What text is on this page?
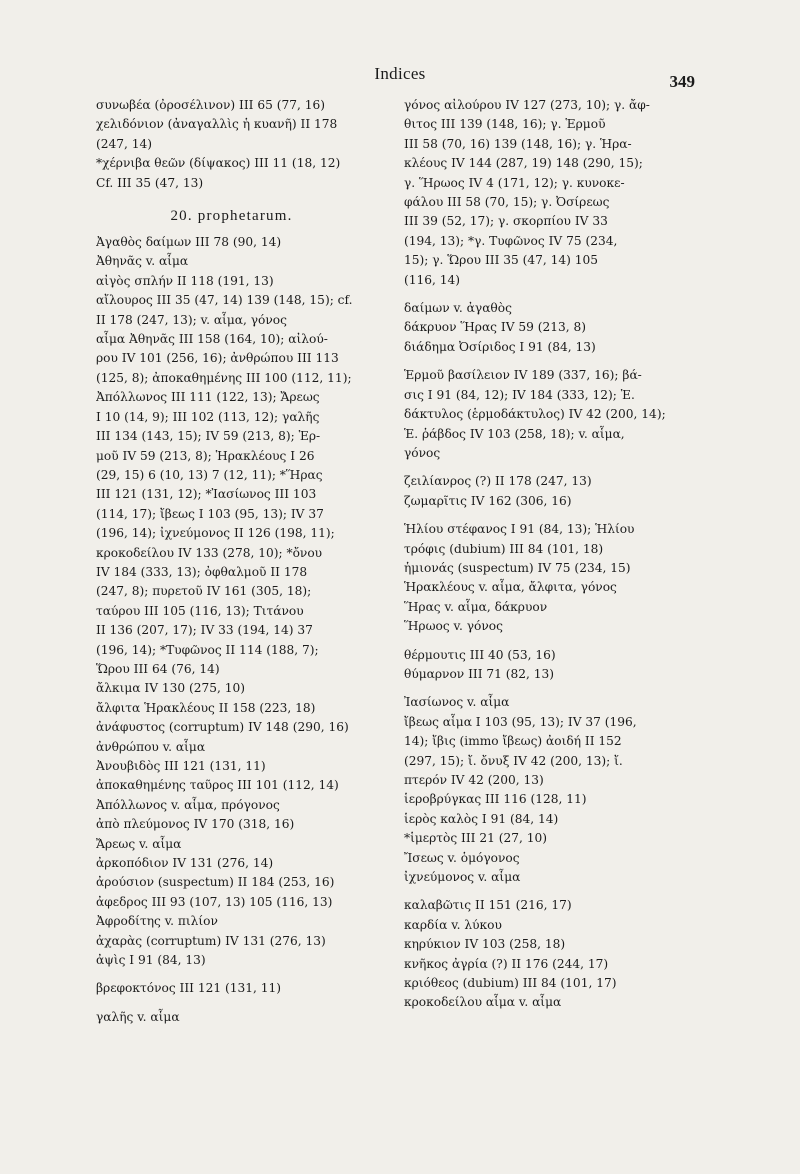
Indices	349
συνωβέα (ὀροσέλινον) III 65 (77, 16)
χελιδόνιον (ἀναγαλλὶς ἡ κυανῆ) II 178
(247, 14)
*χέρνιβα θεῶν (δίψακος) III 11 (18, 12)
Cf. III 35 (47, 13)
20. prophetarum.
Ἀγαθὸς δαίμων III 78 (90, 14)
Ἀθηνᾶς v. αἷμα
αἰγὸς σπλήν II 118 (191, 13)
αἴλουρος III 35 (47, 14) 139 (148, 15); cf.
II 178 (247, 13); v. αἷμα, γόνος
αἷμα Ἀθηνᾶς III 158 (164, 10); αἰλού-
ρου IV 101 (256, 16); ἀνθρώπου III 113
(125, 8); ἀποκαθημένης III 100 (112, 11);
Ἀπόλλωνος III 111 (122, 13); Ἄρεως
I 10 (14, 9); III 102 (113, 12); γαλῆς
III 134 (143, 15); IV 59 (213, 8); Ἑρ-
μοῦ IV 59 (213, 8); Ἡρακλέους I 26
(29, 15) 6 (10, 13) 7 (12, 11); *Ἥρας
III 121 (131, 12); *Ἰασίωνος III 103
(114, 17); ἴβεως I 103 (95, 13); IV 37
(196, 14); ἰχνεύμονος II 126 (198, 11);
κροκοδείλου IV 133 (278, 10); *ὄνου
IV 184 (333, 13); ὀφθαλμοῦ II 178
(247, 8); πυρετοῦ IV 161 (305, 18);
ταύρου III 105 (116, 13); Τιτάνου
II 136 (207, 17); IV 33 (194, 14) 37
(196, 14); *Τυφῶνος II 114 (188, 7);
Ὥρου III 64 (76, 14)
ἄλκιμα IV 130 (275, 10)
ἄλφιτα Ἡρακλέους II 158 (223, 18)
ἀνάφυστος (corruptum) IV 148 (290, 16)
ἀνθρώπου v. αἷμα
Ἀνουβιδὸς III 121 (131, 11)
ἀποκαθημένης ταῦρος III 101 (112, 14)
Ἀπόλλωνος v. αἷμα, πρόγονος
ἀπὸ πλεύμονος IV 170 (318, 16)
Ἄρεως v. αἷμα
ἀρκοπόδιον IV 131 (276, 14)
ἀρούσιον (suspectum) II 184 (253, 16)
ἀφεδρος III 93 (107, 13) 105 (116, 13)
Ἀφροδίτης v. πιλίον
ἀχαρὰς (corruptum) IV 131 (276, 13)
ἀψὶς I 91 (84, 13)
βρεφοκτόνος III 121 (131, 11)
γαλῆς v. αἷμα
γόνος αἰλούρου IV 127 (273, 10); γ. ἄφ-
θιτος III 139 (148, 16); γ. Ἑρμοῦ
III 58 (70, 16) 139 (148, 16); γ. Ἡρα-
κλέους IV 144 (287, 19) 148 (290, 15);
γ. Ἥρωος IV 4 (171, 12); γ. κυνοκε-
φάλου III 58 (70, 15); γ. Ὀσίρεως
III 39 (52, 17); γ. σκορπίου IV 33
(194, 13); *γ. Τυφῶνος IV 75 (234,
15); γ. Ὥρου III 35 (47, 14) 105
(116, 14)
δαίμων v. ἀγαθὸς
δάκρυον Ἥρας IV 59 (213, 8)
διάδημα Ὀσίριδος I 91 (84, 13)
Ἑρμοῦ βασίλειον IV 189 (337, 16); βά-
σις I 91 (84, 12); IV 184 (333, 12); Ἑ.
δάκτυλος (ἑρμοδάκτυλος) IV 42 (200, 14);
Ἑ. ῥάβδος IV 103 (258, 18); v. αἷμα,
γόνος
ζειλίανρος (?) II 178 (247, 13)
ζωμαρῖτις IV 162 (306, 16)
Ἡλίου στέφανος I 91 (84, 13); Ἡλίου
τρόφις (dubium) III 84 (101, 18)
ἡμιονάς (suspectum) IV 75 (234, 15)
Ἡρακλέους v. αἷμα, ἄλφιτα, γόνος
Ἥρας v. αἷμα, δάκρυον
Ἥρωος v. γόνος
θέρμουτις III 40 (53, 16)
θύμαρνον III 71 (82, 13)
Ἰασίωνος v. αἷμα
ἴβεως αἷμα I 103 (95, 13); IV 37 (196,
14); ἴβις (immo ἴβεως) ἀοιδή II 152
(297, 15); ἴ. ὄνυξ IV 42 (200, 13); ἴ.
πτερόν IV 42 (200, 13)
ἱεροβρύγκας III 116 (128, 11)
ἱερὸς καλὸς I 91 (84, 14)
*ἱμερτὸς III 21 (27, 10)
Ἴσεως v. ὁμόγονος
ἰχνεύμονος v. αἷμα
καλαβῶτις II 151 (216, 17)
καρδία v. λύκου
κηρύκιον IV 103 (258, 18)
κνῆκος ἀγρία (?) II 176 (244, 17)
κριόθεος (dubium) III 84 (101, 17)
κροκοδείλου αἷμα v. αἷμα
